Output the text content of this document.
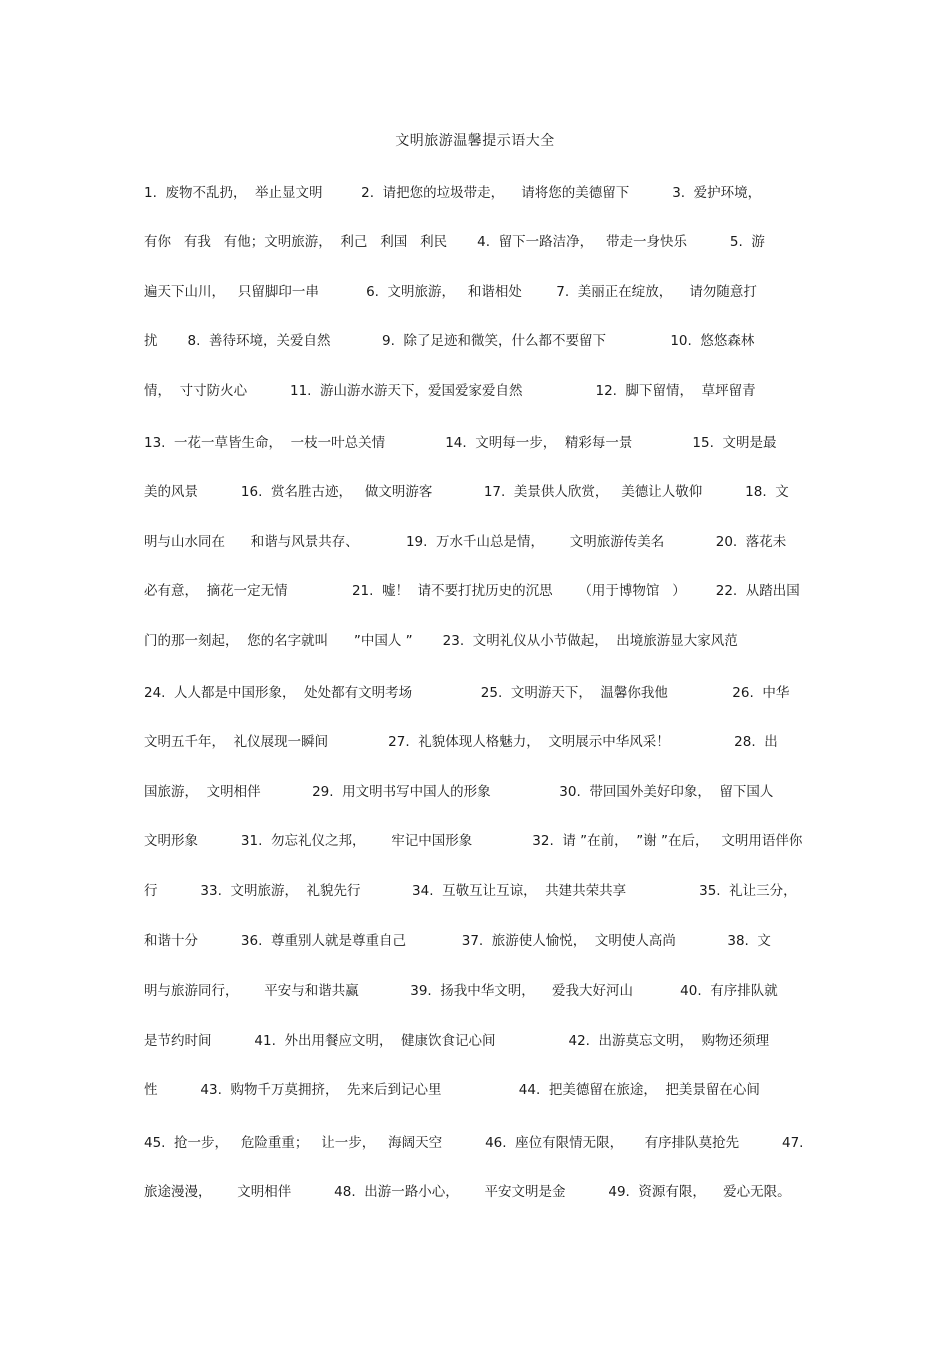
文明旅游温馨提示语大全
1.  废物不乱扔，  举止显文明         2.  请把您的垃圾带走，    请将您的美德留下          3.  爱护环境，
有你   有我   有他；文明旅游，  利己   利国   利民       4.  留下一路洁净，   带走一身快乐          5.  游
遍天下山川，   只留脚印一串           6.  文明旅游，   和谐相处        7.  美丽正在绽放，    请勿随意打
扰       8.  善待环境，关爱自然            9.  除了足迹和微笑，什么都不要留下               10.  悠悠森林
情，  寸寸防火心          11.  游山游水游天下，爱国爱家爱自然                 12.  脚下留情，  草坪留青
13.  一花一草皆生命，  一枝一叶总关情              14.  文明每一步，  精彩每一景              15.  文明是最
美的风景          16.  赏名胜古迹，   做文明游客            17.  美景供人欣赏，   美德让人敬仰          18.  文
明与山水同在      和谐与风景共存、           19.  万水千山总是情，      文明旅游传美名            20.  落花未
必有意，  摘花一定无情               21.  嘘！  请不要打扰历史的沉思      （用于博物馆   ）       22.  从踏出国
门的那一刻起，  您的名字就叫      ”中国人 ”       23.  文明礼仪从小节做起，  出境旅游显大家风范
24.  人人都是中国形象，  处处都有文明考场                25.  文明游天下，  温馨你我他               26.  中华
文明五千年，  礼仪展现一瞬间              27.  礼貌体现人格魅力，  文明展示中华风采！               28.  出
国旅游，  文明相伴            29.  用文明书写中国人的形象                30.  带回国外美好印象，  留下国人
文明形象          31.  勿忘礼仪之邦，      牢记中国形象              32.  请 ”在前，  ”谢 ”在后，   文明用语伴你
行          33.  文明旅游，  礼貌先行            34.  互敬互让互谅，  共建共荣共享                 35.  礼让三分，
和谐十分          36.  尊重别人就是尊重自己             37.  旅游使人愉悦，  文明使人高尚            38.  文
明与旅游同行，      平安与和谐共赢            39.  扬我中华文明，    爱我大好河山           40.  有序排队就
是节约时间          41.  外出用餐应文明，  健康饮食记心间                 42.  出游莫忘文明，  购物还须理
性          43.  购物千万莫拥挤，  先来后到记心里                  44.  把美德留在旅途，  把美景留在心间
45.  抢一步，   危险重重；   让一步，   海阔天空          46.  座位有限情无限，     有序排队莫抢先          47.
旅途漫漫，      文明相伴          48.  出游一路小心，      平安文明是金          49.  资源有限，    爱心无限。
